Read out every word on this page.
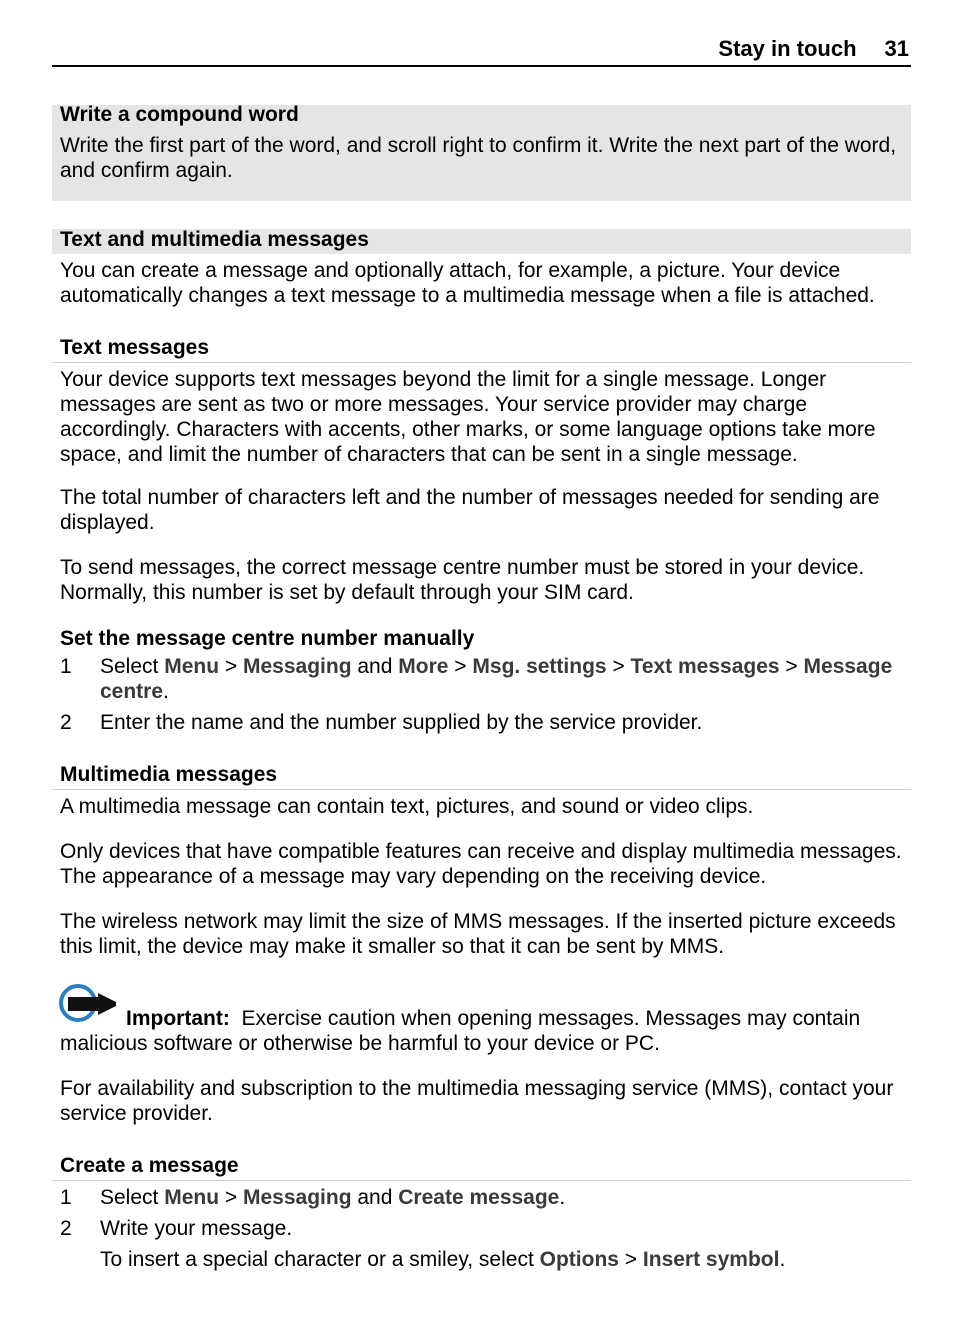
Stay in touch 31
Write a compound word
Write the first part of the word, and scroll right to confirm it. Write the next part of the word, and confirm again.
Text and multimedia messages
You can create a message and optionally attach, for example, a picture. Your device automatically changes a text message to a multimedia message when a file is attached.
Text messages
Your device supports text messages beyond the limit for a single message. Longer messages are sent as two or more messages. Your service provider may charge accordingly. Characters with accents, other marks, or some language options take more space, and limit the number of characters that can be sent in a single message.
The total number of characters left and the number of messages needed for sending are displayed.
To send messages, the correct message centre number must be stored in your device. Normally, this number is set by default through your SIM card.
Set the message centre number manually
1 Select Menu > Messaging and More > Msg. settings > Text messages > Message centre.
2 Enter the name and the number supplied by the service provider.
Multimedia messages
A multimedia message can contain text, pictures, and sound or video clips.
Only devices that have compatible features can receive and display multimedia messages. The appearance of a message may vary depending on the receiving device.
The wireless network may limit the size of MMS messages. If the inserted picture exceeds this limit, the device may make it smaller so that it can be sent by MMS.
Important: Exercise caution when opening messages. Messages may contain malicious software or otherwise be harmful to your device or PC.
For availability and subscription to the multimedia messaging service (MMS), contact your service provider.
Create a message
1 Select Menu > Messaging and Create message.
2 Write your message.
To insert a special character or a smiley, select Options > Insert symbol.
